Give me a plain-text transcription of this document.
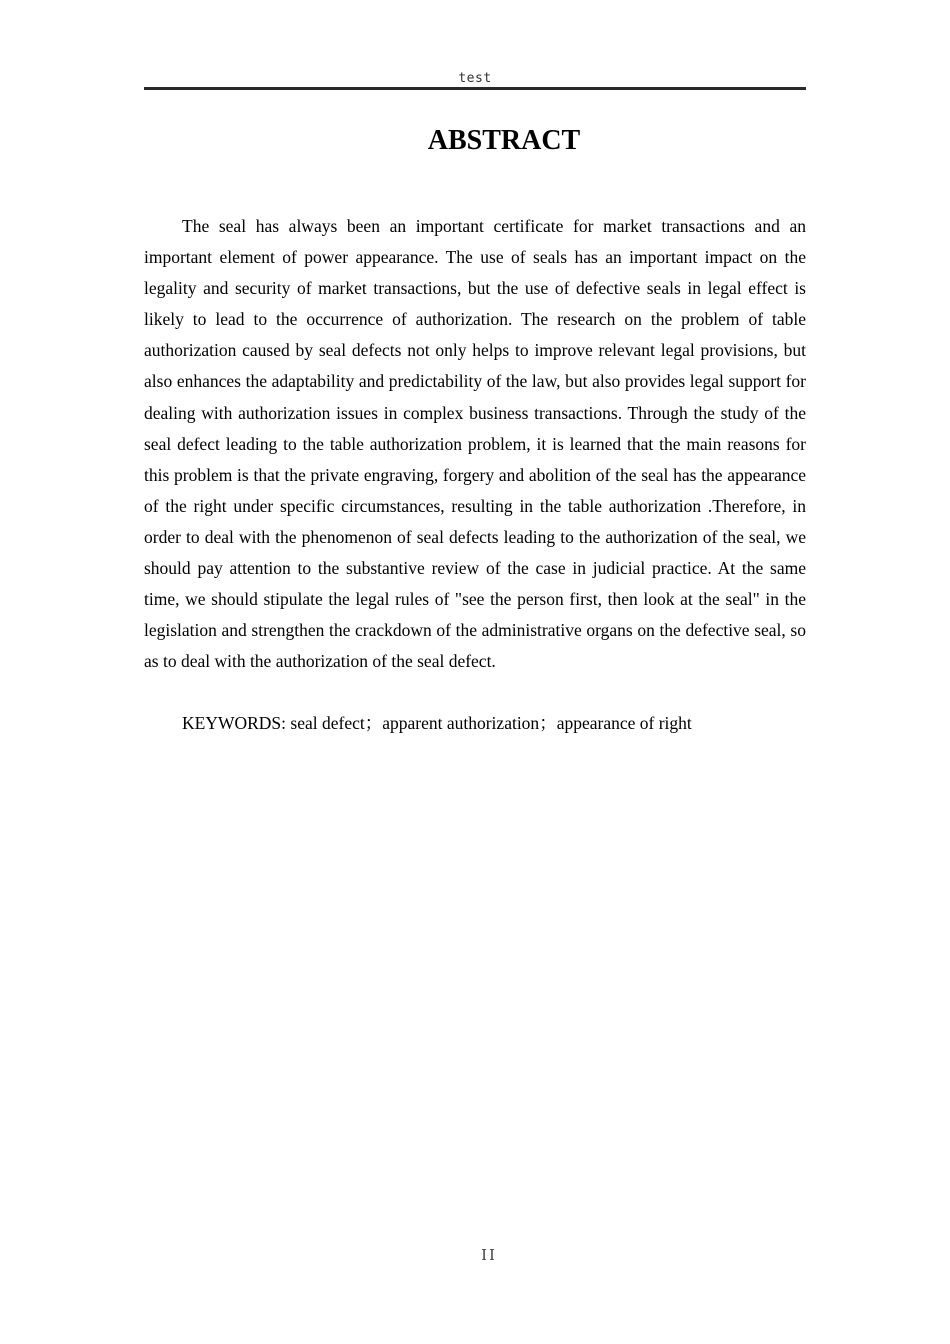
test
ABSTRACT

The seal has always been an important certificate for market transactions and an important element of power appearance. The use of seals has an important impact on the legality and security of market transactions, but the use of defective seals in legal effect is likely to lead to the occurrence of authorization. The research on the problem of table authorization caused by seal defects not only helps to improve relevant legal provisions, but also enhances the adaptability and predictability of the law, but also provides legal support for dealing with authorization issues in complex business transactions. Through the study of the seal defect leading to the table authorization problem, it is learned that the main reasons for this problem is that the private engraving, forgery and abolition of the seal has the appearance of the right under specific circumstances, resulting in the table authorization .Therefore, in order to deal with the phenomenon of seal defects leading to the authorization of the seal, we should pay attention to the substantive review of the case in judicial practice. At the same time, we should stipulate the legal rules of "see the person first, then look at the seal" in the legislation and strengthen the crackdown of the administrative organs on the defective seal, so as to deal with the authorization of the seal defect.

KEYWORDS: seal defect；apparent authorization；appearance of right

II
